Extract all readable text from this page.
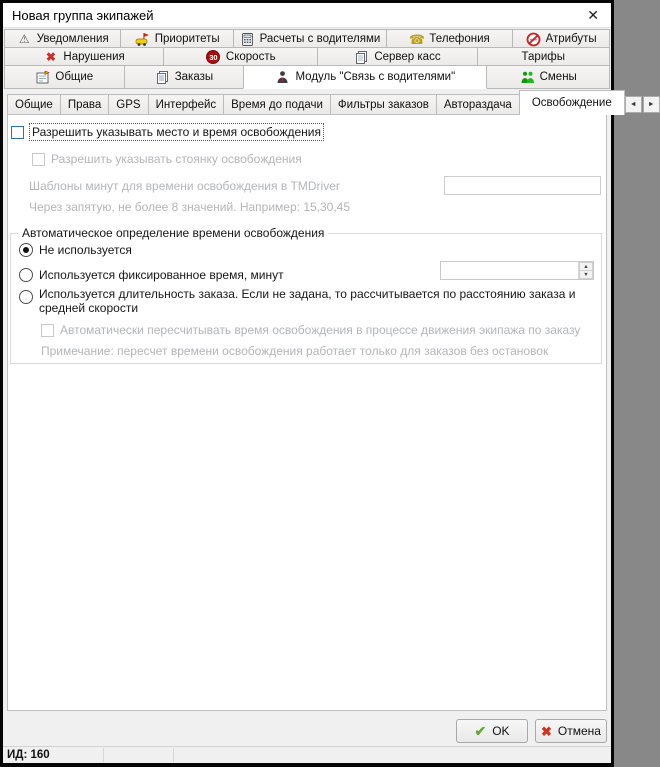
Новая группа экипажей	✕
⚠ Уведомления	Приоритеты	Расчеты с водителями ☎ Телефония	Атрибуты
✖ Нарушения	30 Скорость	Сервер касс	Тарифы
Общие	Заказы	Модуль "Связь с водителями"	Смены
Общие Права GPS Интерфейс Время до подачи Фильтры заказов Автораздача Освобождение	◄	►
Разрешить указывать место и время освобождения
Разрешить указывать стоянку освобождения
Шаблоны минут для времени освобождения в TMDriver
Через запятую, не более 8 значений. Например: 15,30,45
Автоматическое определение времени освобождения
Не используется
Используется фиксированное время, минут
▲
▼
Используется длительность заказа. Если не задана, то рассчитывается по расстоянию заказа и средней скорости
Автоматически пересчитывать время освобождения в процессе движения экипажа по заказу
Примечание: пересчет времени освобождения работает только для заказов без остановок
✔ OK ✖ Отмена
ИД: 160
